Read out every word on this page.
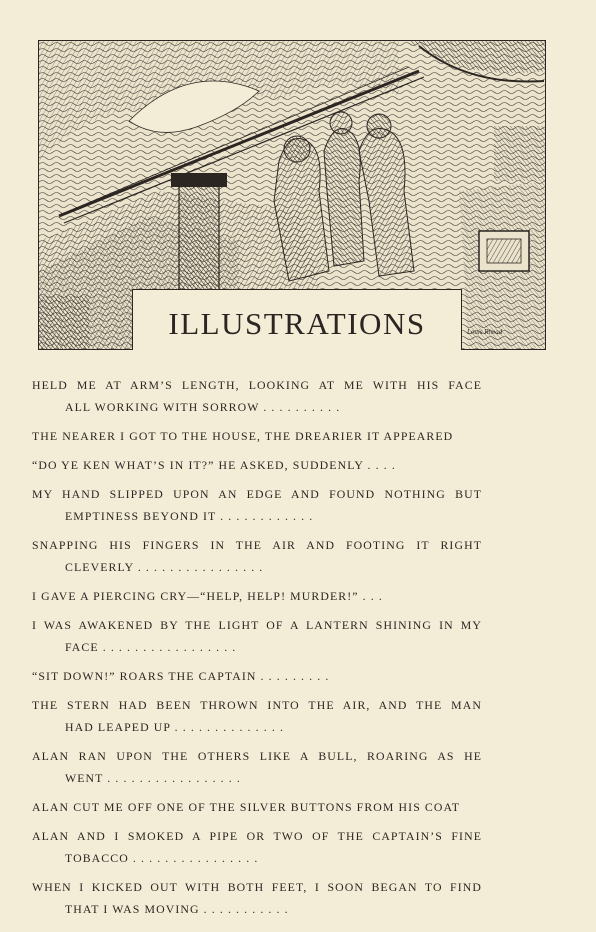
ILLUSTRATIONS	Louis Rhead
HELD ME AT ARM’S LENGTH, LOOKING AT ME WITH HIS FACE
ALL WORKING WITH SORROW . . . . . . . . . .
THE NEARER I GOT TO THE HOUSE, THE DREARIER IT APPEARED
“DO YE KEN WHAT’S IN IT?” HE ASKED, SUDDENLY . . . .
MY HAND SLIPPED UPON AN EDGE AND FOUND NOTHING BUT
EMPTINESS BEYOND IT . . . . . . . . . . . .
SNAPPING HIS FINGERS IN THE AIR AND FOOTING IT RIGHT
CLEVERLY . . . . . . . . . . . . . . . .
I GAVE A PIERCING CRY—“HELP, HELP! MURDER!” . . .
I WAS AWAKENED BY THE LIGHT OF A LANTERN SHINING IN MY
FACE . . . . . . . . . . . . . . . . .
“SIT DOWN!” ROARS THE CAPTAIN . . . . . . . . .
THE STERN HAD BEEN THROWN INTO THE AIR, AND THE MAN
HAD LEAPED UP . . . . . . . . . . . . . .
ALAN RAN UPON THE OTHERS LIKE A BULL, ROARING AS HE
WENT . . . . . . . . . . . . . . . . .
ALAN CUT ME OFF ONE OF THE SILVER BUTTONS FROM HIS COAT
ALAN AND I SMOKED A PIPE OR TWO OF THE CAPTAIN’S FINE
TOBACCO . . . . . . . . . . . . . . . .
WHEN I KICKED OUT WITH BOTH FEET, I SOON BEGAN TO FIND
THAT I WAS MOVING . . . . . . . . . . .
